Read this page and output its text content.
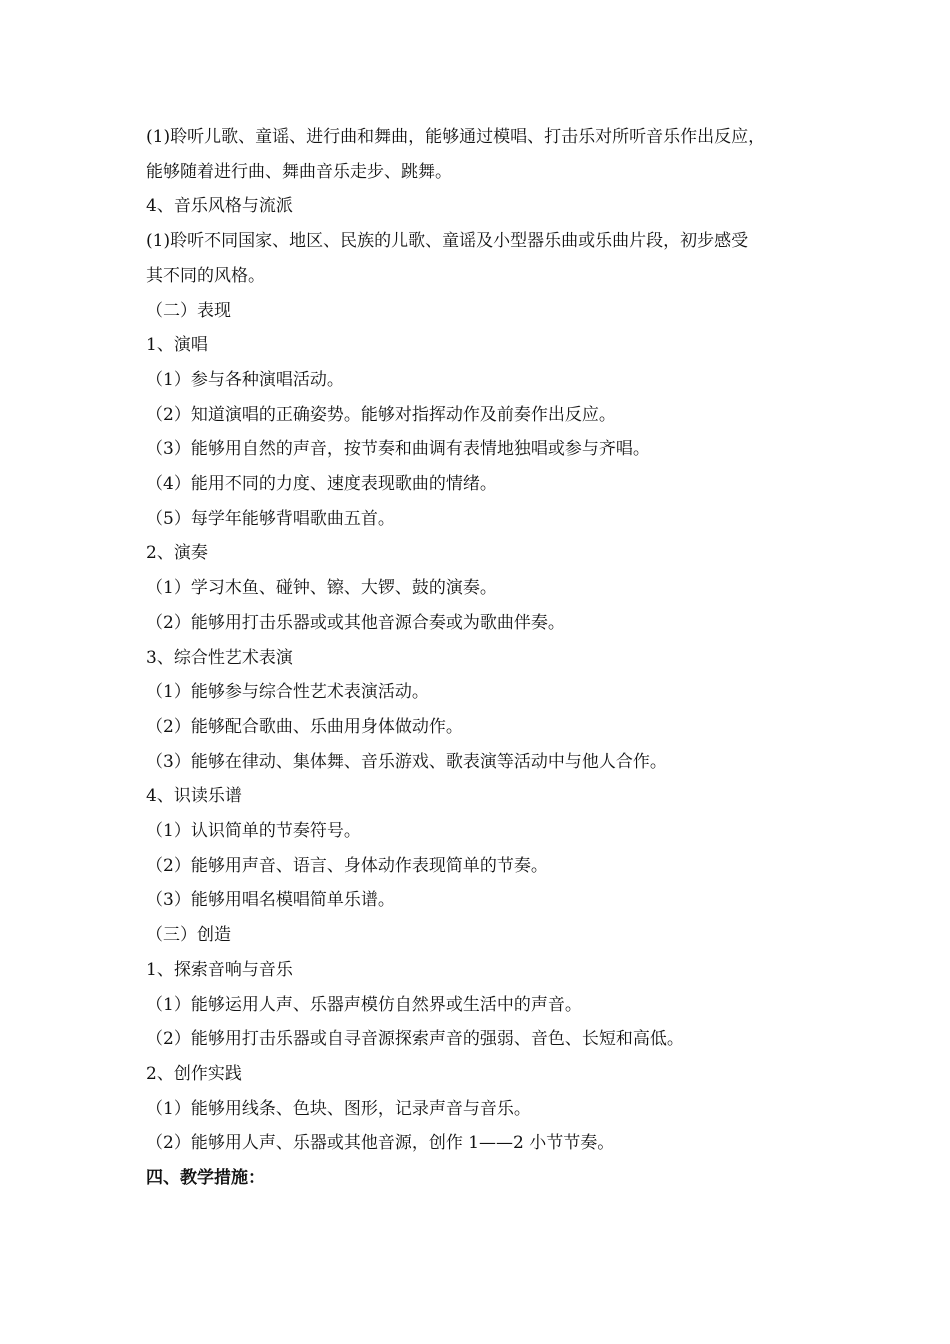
(1)聆听儿歌、童谣、进行曲和舞曲，能够通过模唱、打击乐对所听音乐作出反应，
能够随着进行曲、舞曲音乐走步、跳舞。
4、音乐风格与流派
(1)聆听不同国家、地区、民族的儿歌、童谣及小型器乐曲或乐曲片段，初步感受
其不同的风格。
（二）表现
1、演唱
（1）参与各种演唱活动。
（2）知道演唱的正确姿势。能够对指挥动作及前奏作出反应。
（3）能够用自然的声音，按节奏和曲调有表情地独唱或参与齐唱。
（4）能用不同的力度、速度表现歌曲的情绪。
（5）每学年能够背唱歌曲五首。
2、演奏
（1）学习木鱼、碰钟、镲、大锣、鼓的演奏。
（2）能够用打击乐器或或其他音源合奏或为歌曲伴奏。
3、综合性艺术表演
（1）能够参与综合性艺术表演活动。
（2）能够配合歌曲、乐曲用身体做动作。
（3）能够在律动、集体舞、音乐游戏、歌表演等活动中与他人合作。
4、识读乐谱
（1）认识简单的节奏符号。
（2）能够用声音、语言、身体动作表现简单的节奏。
（3）能够用唱名模唱简单乐谱。
（三）创造
1、探索音响与音乐
（1）能够运用人声、乐器声模仿自然界或生活中的声音。
（2）能够用打击乐器或自寻音源探索声音的强弱、音色、长短和高低。
2、创作实践
（1）能够用线条、色块、图形，记录声音与音乐。
（2）能够用人声、乐器或其他音源，创作 1——2 小节节奏。
四、教学措施：
